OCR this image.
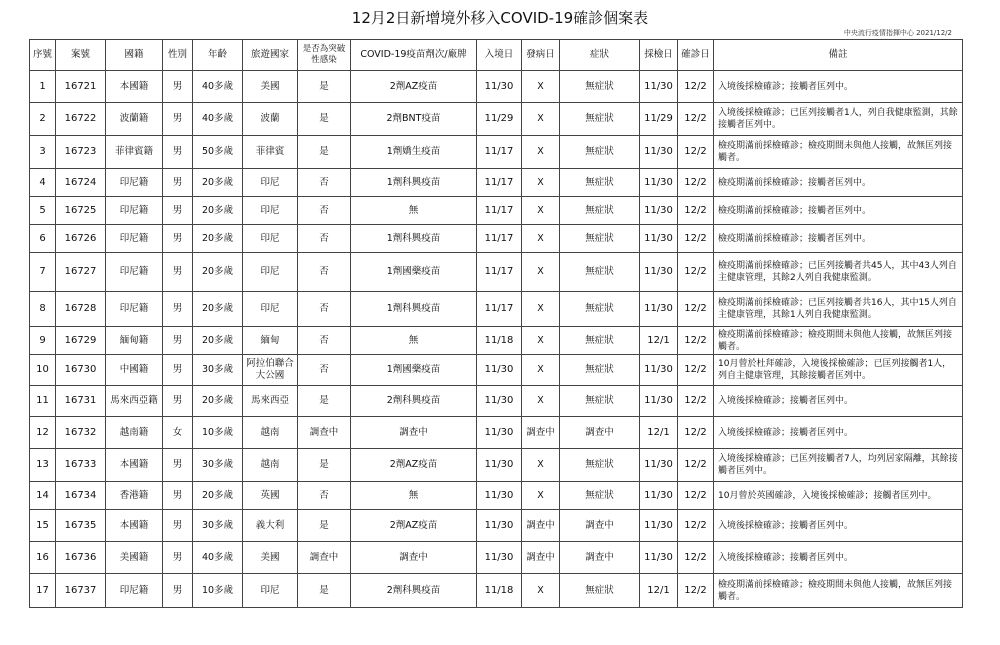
12月2日新增境外移入COVID-19確診個案表
中央流行疫情指揮中心 2021/12/2
序號	案號	國籍	性別	年齡	旅遊國家	是否為突破性感染	COVID-19疫苗劑次/廠牌	入境日	發病日	症狀	採檢日	確診日	備註
1	16721	本國籍	男	40多歲	美國	是	2劑AZ疫苗	11/30	X	無症狀	11/30	12/2	入境後採檢確診；接觸者匡列中。
2	16722	波蘭籍	男	40多歲	波蘭	是	2劑BNT疫苗	11/29	X	無症狀	11/29	12/2	入境後採檢確診；已匡列接觸者1人，列自我健康監測，其餘接觸者匡列中。
3	16723	菲律賓籍	男	50多歲	菲律賓	是	1劑嬌生疫苗	11/17	X	無症狀	11/30	12/2	檢疫期滿前採檢確診；檢疫期間未與他人接觸，故無匡列接觸者。
4	16724	印尼籍	男	20多歲	印尼	否	1劑科興疫苗	11/17	X	無症狀	11/30	12/2	檢疫期滿前採檢確診；接觸者匡列中。
5	16725	印尼籍	男	20多歲	印尼	否	無	11/17	X	無症狀	11/30	12/2	檢疫期滿前採檢確診；接觸者匡列中。
6	16726	印尼籍	男	20多歲	印尼	否	1劑科興疫苗	11/17	X	無症狀	11/30	12/2	檢疫期滿前採檢確診；接觸者匡列中。
7	16727	印尼籍	男	20多歲	印尼	否	1劑國藥疫苗	11/17	X	無症狀	11/30	12/2	檢疫期滿前採檢確診；已匡列接觸者共45人，其中43人列自主健康管理，其餘2人列自我健康監測。
8	16728	印尼籍	男	20多歲	印尼	否	1劑科興疫苗	11/17	X	無症狀	11/30	12/2	檢疫期滿前採檢確診；已匡列接觸者共16人，其中15人列自主健康管理，其餘1人列自我健康監測。
9	16729	緬甸籍	男	20多歲	緬甸	否	無	11/18	X	無症狀	12/1	12/2	檢疫期滿前採檢確診；檢疫期間未與他人接觸，故無匡列接觸者。
10	16730	中國籍	男	30多歲	阿拉伯聯合大公國	否	1劑國藥疫苗	11/30	X	無症狀	11/30	12/2	10月曾於杜拜確診，入境後採檢確診；已匡列接觸者1人，列自主健康管理，其餘接觸者匡列中。
11	16731	馬來西亞籍	男	20多歲	馬來西亞	是	2劑科興疫苗	11/30	X	無症狀	11/30	12/2	入境後採檢確診；接觸者匡列中。
12	16732	越南籍	女	10多歲	越南	調查中	調查中	11/30	調查中	調查中	12/1	12/2	入境後採檢確診；接觸者匡列中。
13	16733	本國籍	男	30多歲	越南	是	2劑AZ疫苗	11/30	X	無症狀	11/30	12/2	入境後採檢確診；已匡列接觸者7人，均列居家隔離，其餘接觸者匡列中。
14	16734	香港籍	男	20多歲	英國	否	無	11/30	X	無症狀	11/30	12/2	10月曾於英國確診，入境後採檢確診；接觸者匡列中。
15	16735	本國籍	男	30多歲	義大利	是	2劑AZ疫苗	11/30	調查中	調查中	11/30	12/2	入境後採檢確診；接觸者匡列中。
16	16736	美國籍	男	40多歲	美國	調查中	調查中	11/30	調查中	調查中	11/30	12/2	入境後採檢確診；接觸者匡列中。
17	16737	印尼籍	男	10多歲	印尼	是	2劑科興疫苗	11/18	X	無症狀	12/1	12/2	檢疫期滿前採檢確診；檢疫期間未與他人接觸，故無匡列接觸者。
